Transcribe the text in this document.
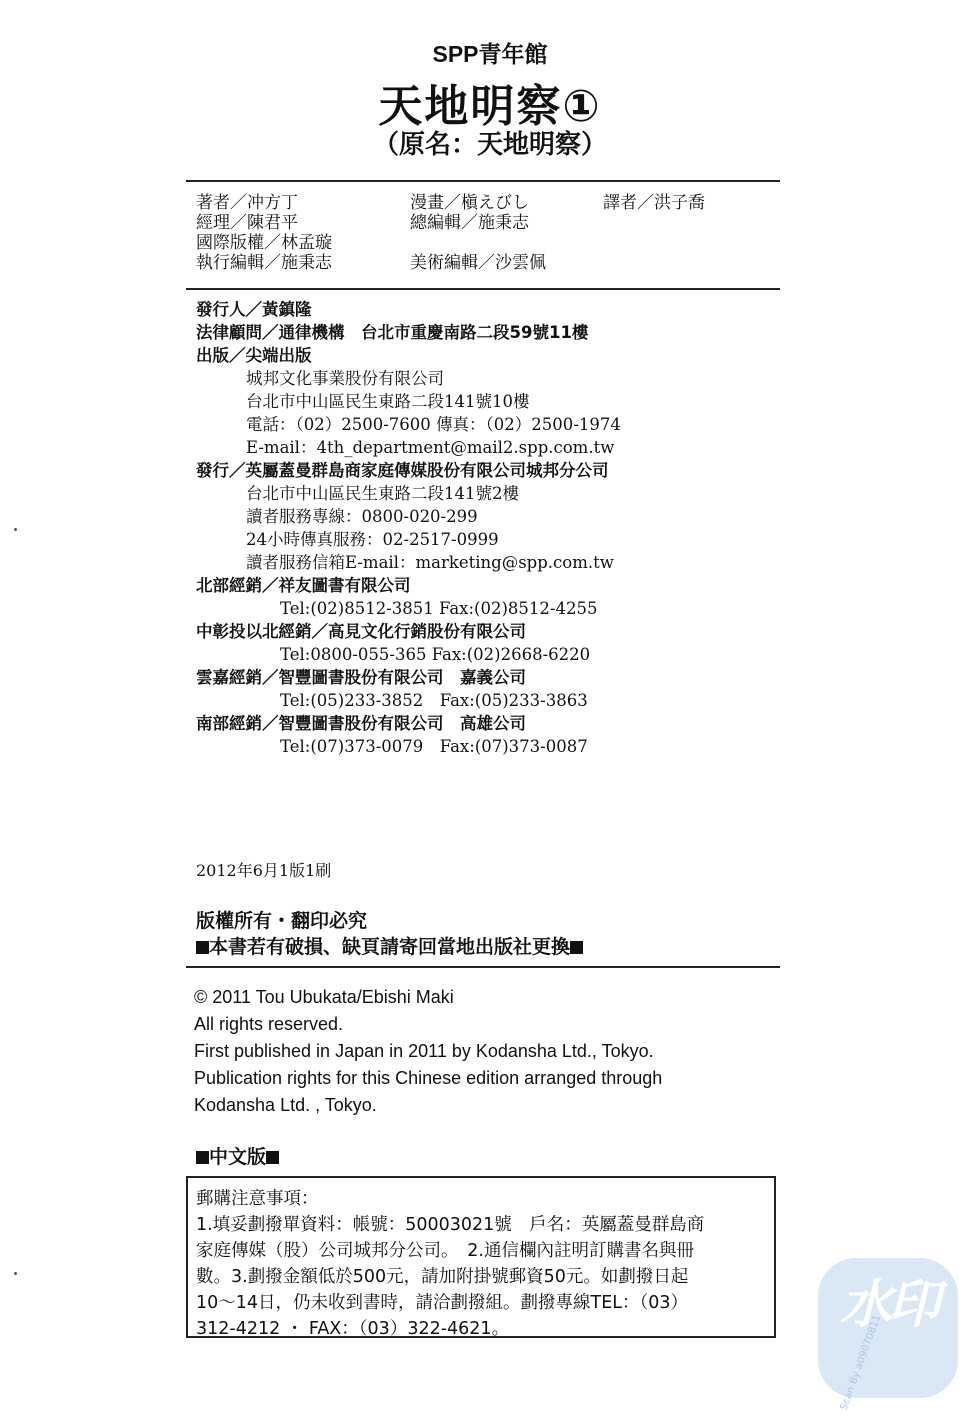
SPP青年館
天地明察①
（原名：天地明察）
著者／冲方丁
經理／陳君平
國際版權／林孟璇
執行編輯／施秉志
漫畫／槇えびし
總編輯／施秉志
美術編輯／沙雲佩
譯者／洪子喬
發行人／黃鎮隆
法律顧問／通律機構　台北市重慶南路二段59號11樓
出版／尖端出版
城邦文化事業股份有限公司
台北市中山區民生東路二段141號10樓
電話：（02）2500-7600 傳真：（02）2500-1974
E-mail：4th_department@mail2.spp.com.tw
發行／英屬蓋曼群島商家庭傳媒股份有限公司城邦分公司
台北市中山區民生東路二段141號2樓
讀者服務專線：0800-020-299
24小時傳真服務：02-2517-0999
讀者服務信箱E-mail：marketing@spp.com.tw
北部經銷／祥友圖書有限公司
Tel:(02)8512-3851 Fax:(02)8512-4255
中彰投以北經銷／高見文化行銷股份有限公司
Tel:0800-055-365 Fax:(02)2668-6220
雲嘉經銷／智豐圖書股份有限公司　嘉義公司
Tel:(05)233-3852　Fax:(05)233-3863
南部經銷／智豐圖書股份有限公司　高雄公司
Tel:(07)373-0079　Fax:(07)373-0087
2012年6月1版1刷
版權所有・翻印必究
本書若有破損、缺頁請寄回當地出版社更換
© 2011 Tou Ubukata/Ebishi Maki
All rights reserved.
First published in Japan in 2011 by Kodansha Ltd., Tokyo.
Publication rights for this Chinese edition arranged through
Kodansha Ltd. , Tokyo.
中文版
郵購注意事項：
1.填妥劃撥單資料：帳號：50003021號　戶名：英屬蓋曼群島商
家庭傳媒（股）公司城邦分公司。　2.通信欄內註明訂購書名與冊
數。3.劃撥金額低於500元，請加附掛號郵資50元。如劃撥日起
10～14日，仍未收到書時，請洽劃撥組。劃撥專線TEL：（03）
312-4212 ・ FAX：（03）322-4621。	水印
Scan By a09070811
